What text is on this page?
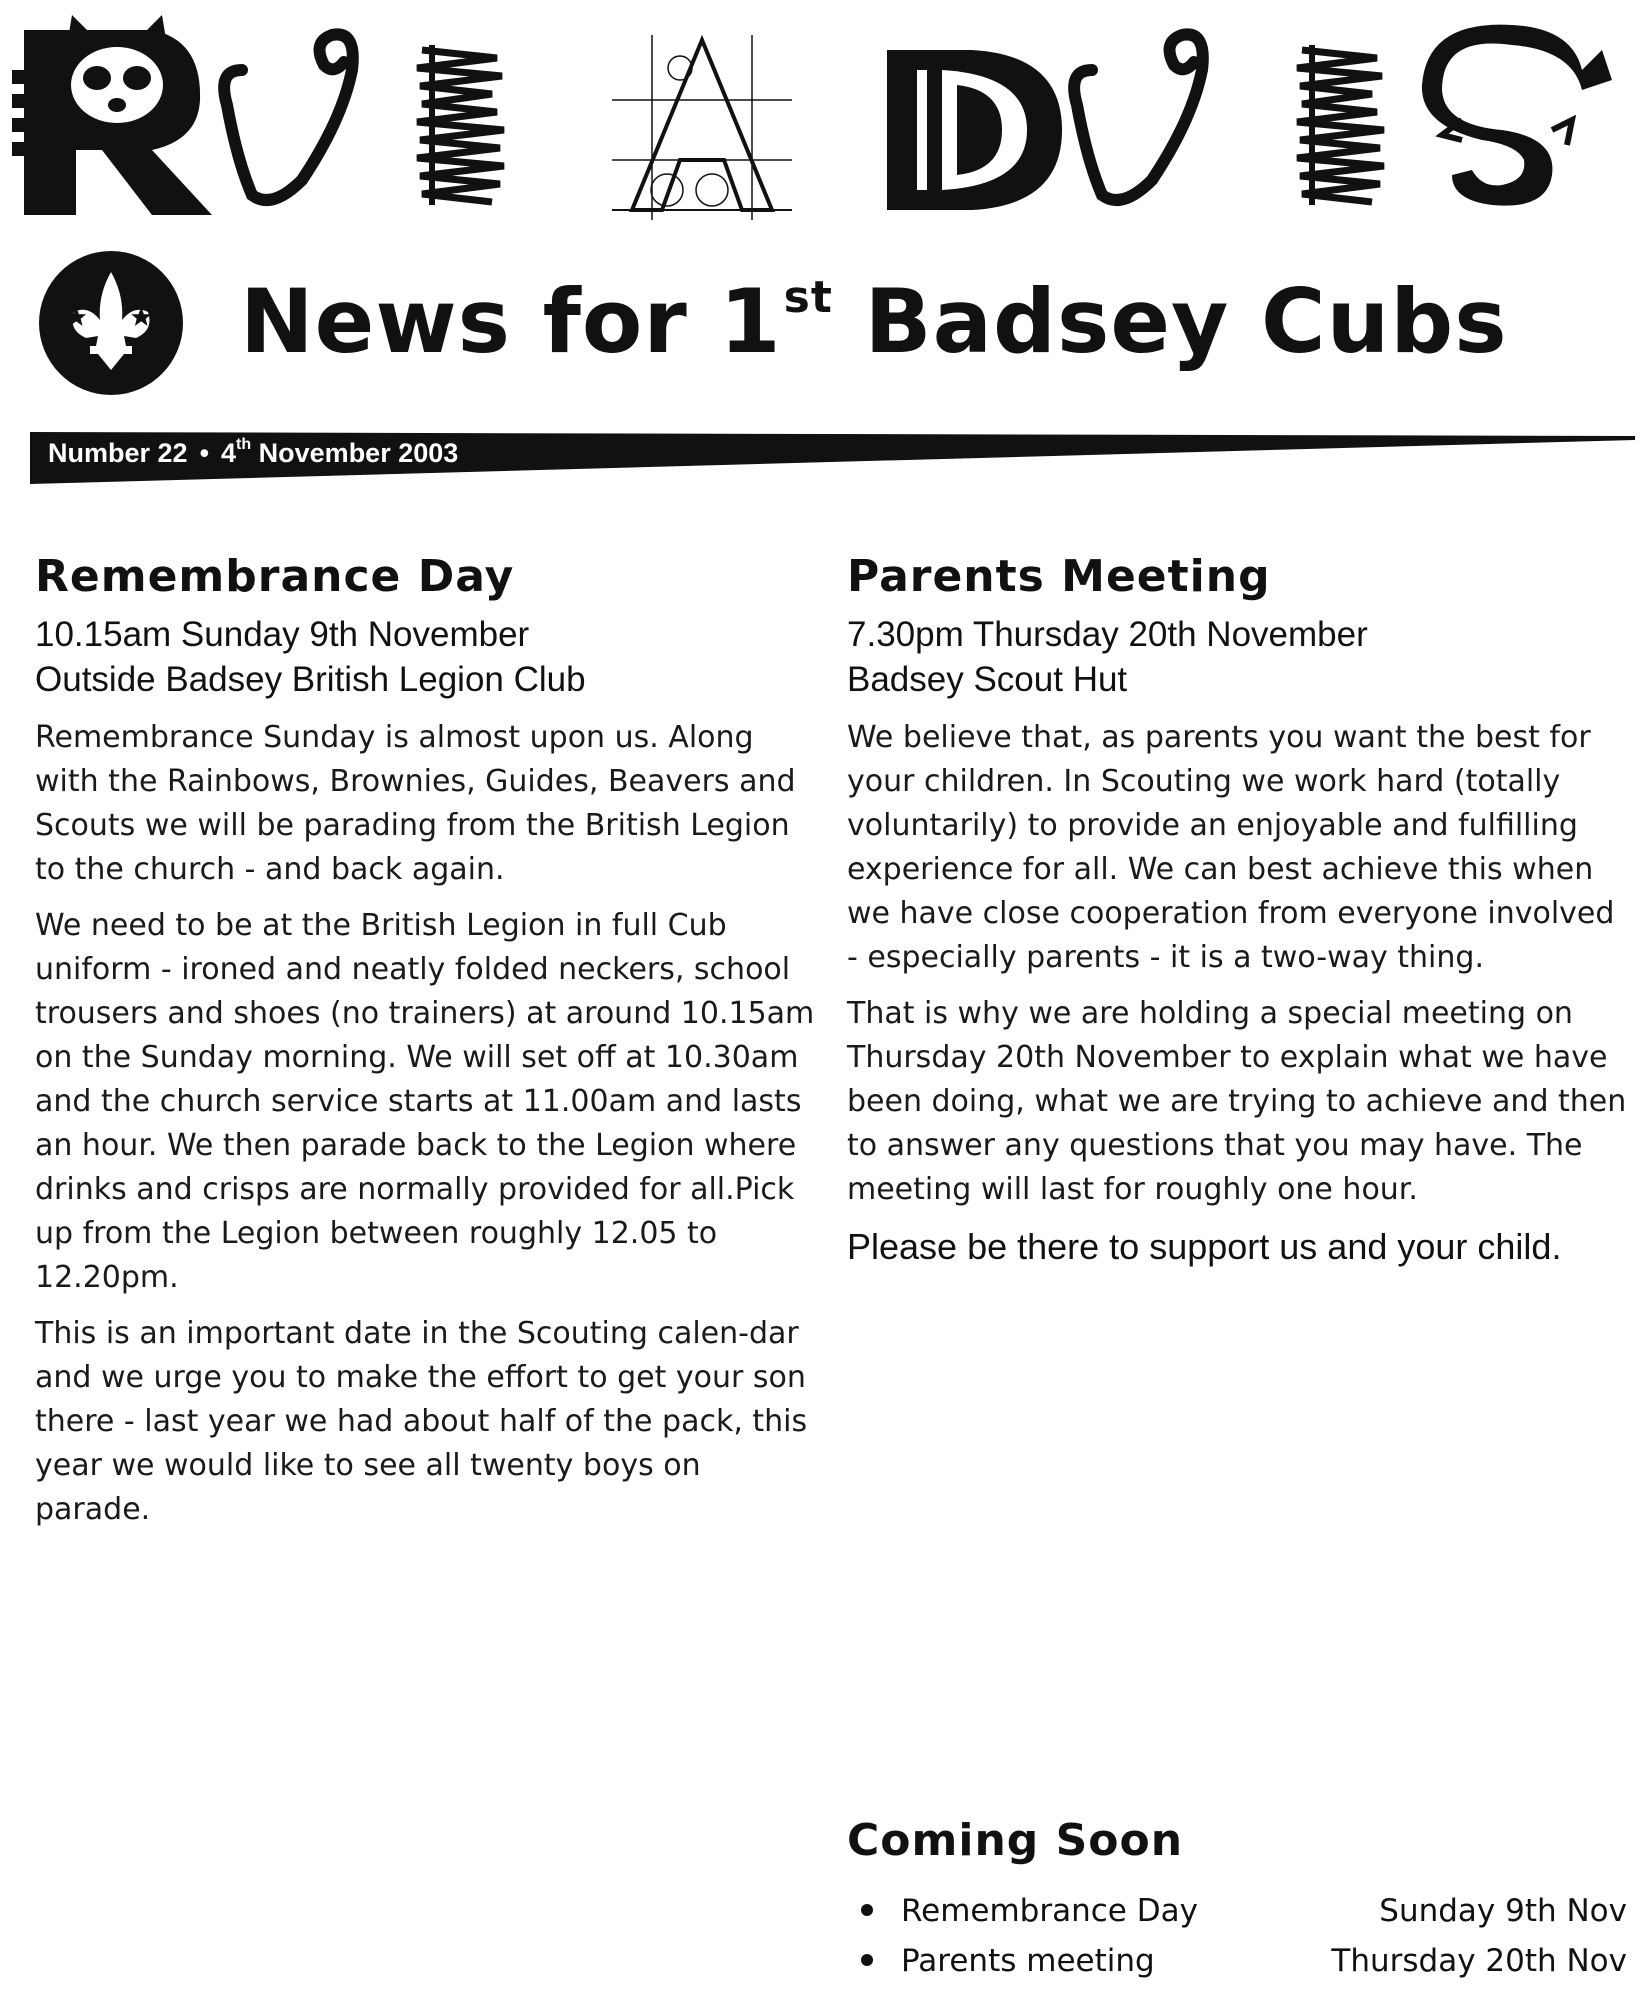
News for 1st Badsey Cubs
Number 22 • 4th November 2003
Remembrance Day

10.15am Sunday 9th November

Outside Badsey British Legion Club

Remembrance Sunday is almost upon us. Along with the Rainbows, Brownies, Guides, Beavers and Scouts we will be parading from the British Legion to the church - and back again.

We need to be at the British Legion in full Cub uniform - ironed and neatly folded neckers, school trousers and shoes (no trainers) at around 10.15am on the Sunday morning. We will set off at 10.30am and the church service starts at 11.00am and lasts an hour. We then parade back to the Legion where drinks and crisps are normally provided for all.Pick up from the Legion between roughly 12.05 to 12.20pm.

This is an important date in the Scouting calen-dar and we urge you to make the effort to get your son there - last year we had about half of the pack, this year we would like to see all twenty boys on parade.

Parents Meeting

7.30pm Thursday 20th November

Badsey Scout Hut

We believe that, as parents you want the best for your children. In Scouting we work hard (totally voluntarily) to provide an enjoyable and fulfilling experience for all. We can best achieve this when we have close cooperation from everyone involved - especially parents - it is a two-way thing.

That is why we are holding a special meeting on Thursday 20th November to explain what we have been doing, what we are trying to achieve and then to answer any questions that you may have. The meeting will last for roughly one hour.

Please be there to support us and your child.

Coming Soon
Remembrance Day	Sunday 9th Nov
Parents meeting	Thursday 20th Nov
